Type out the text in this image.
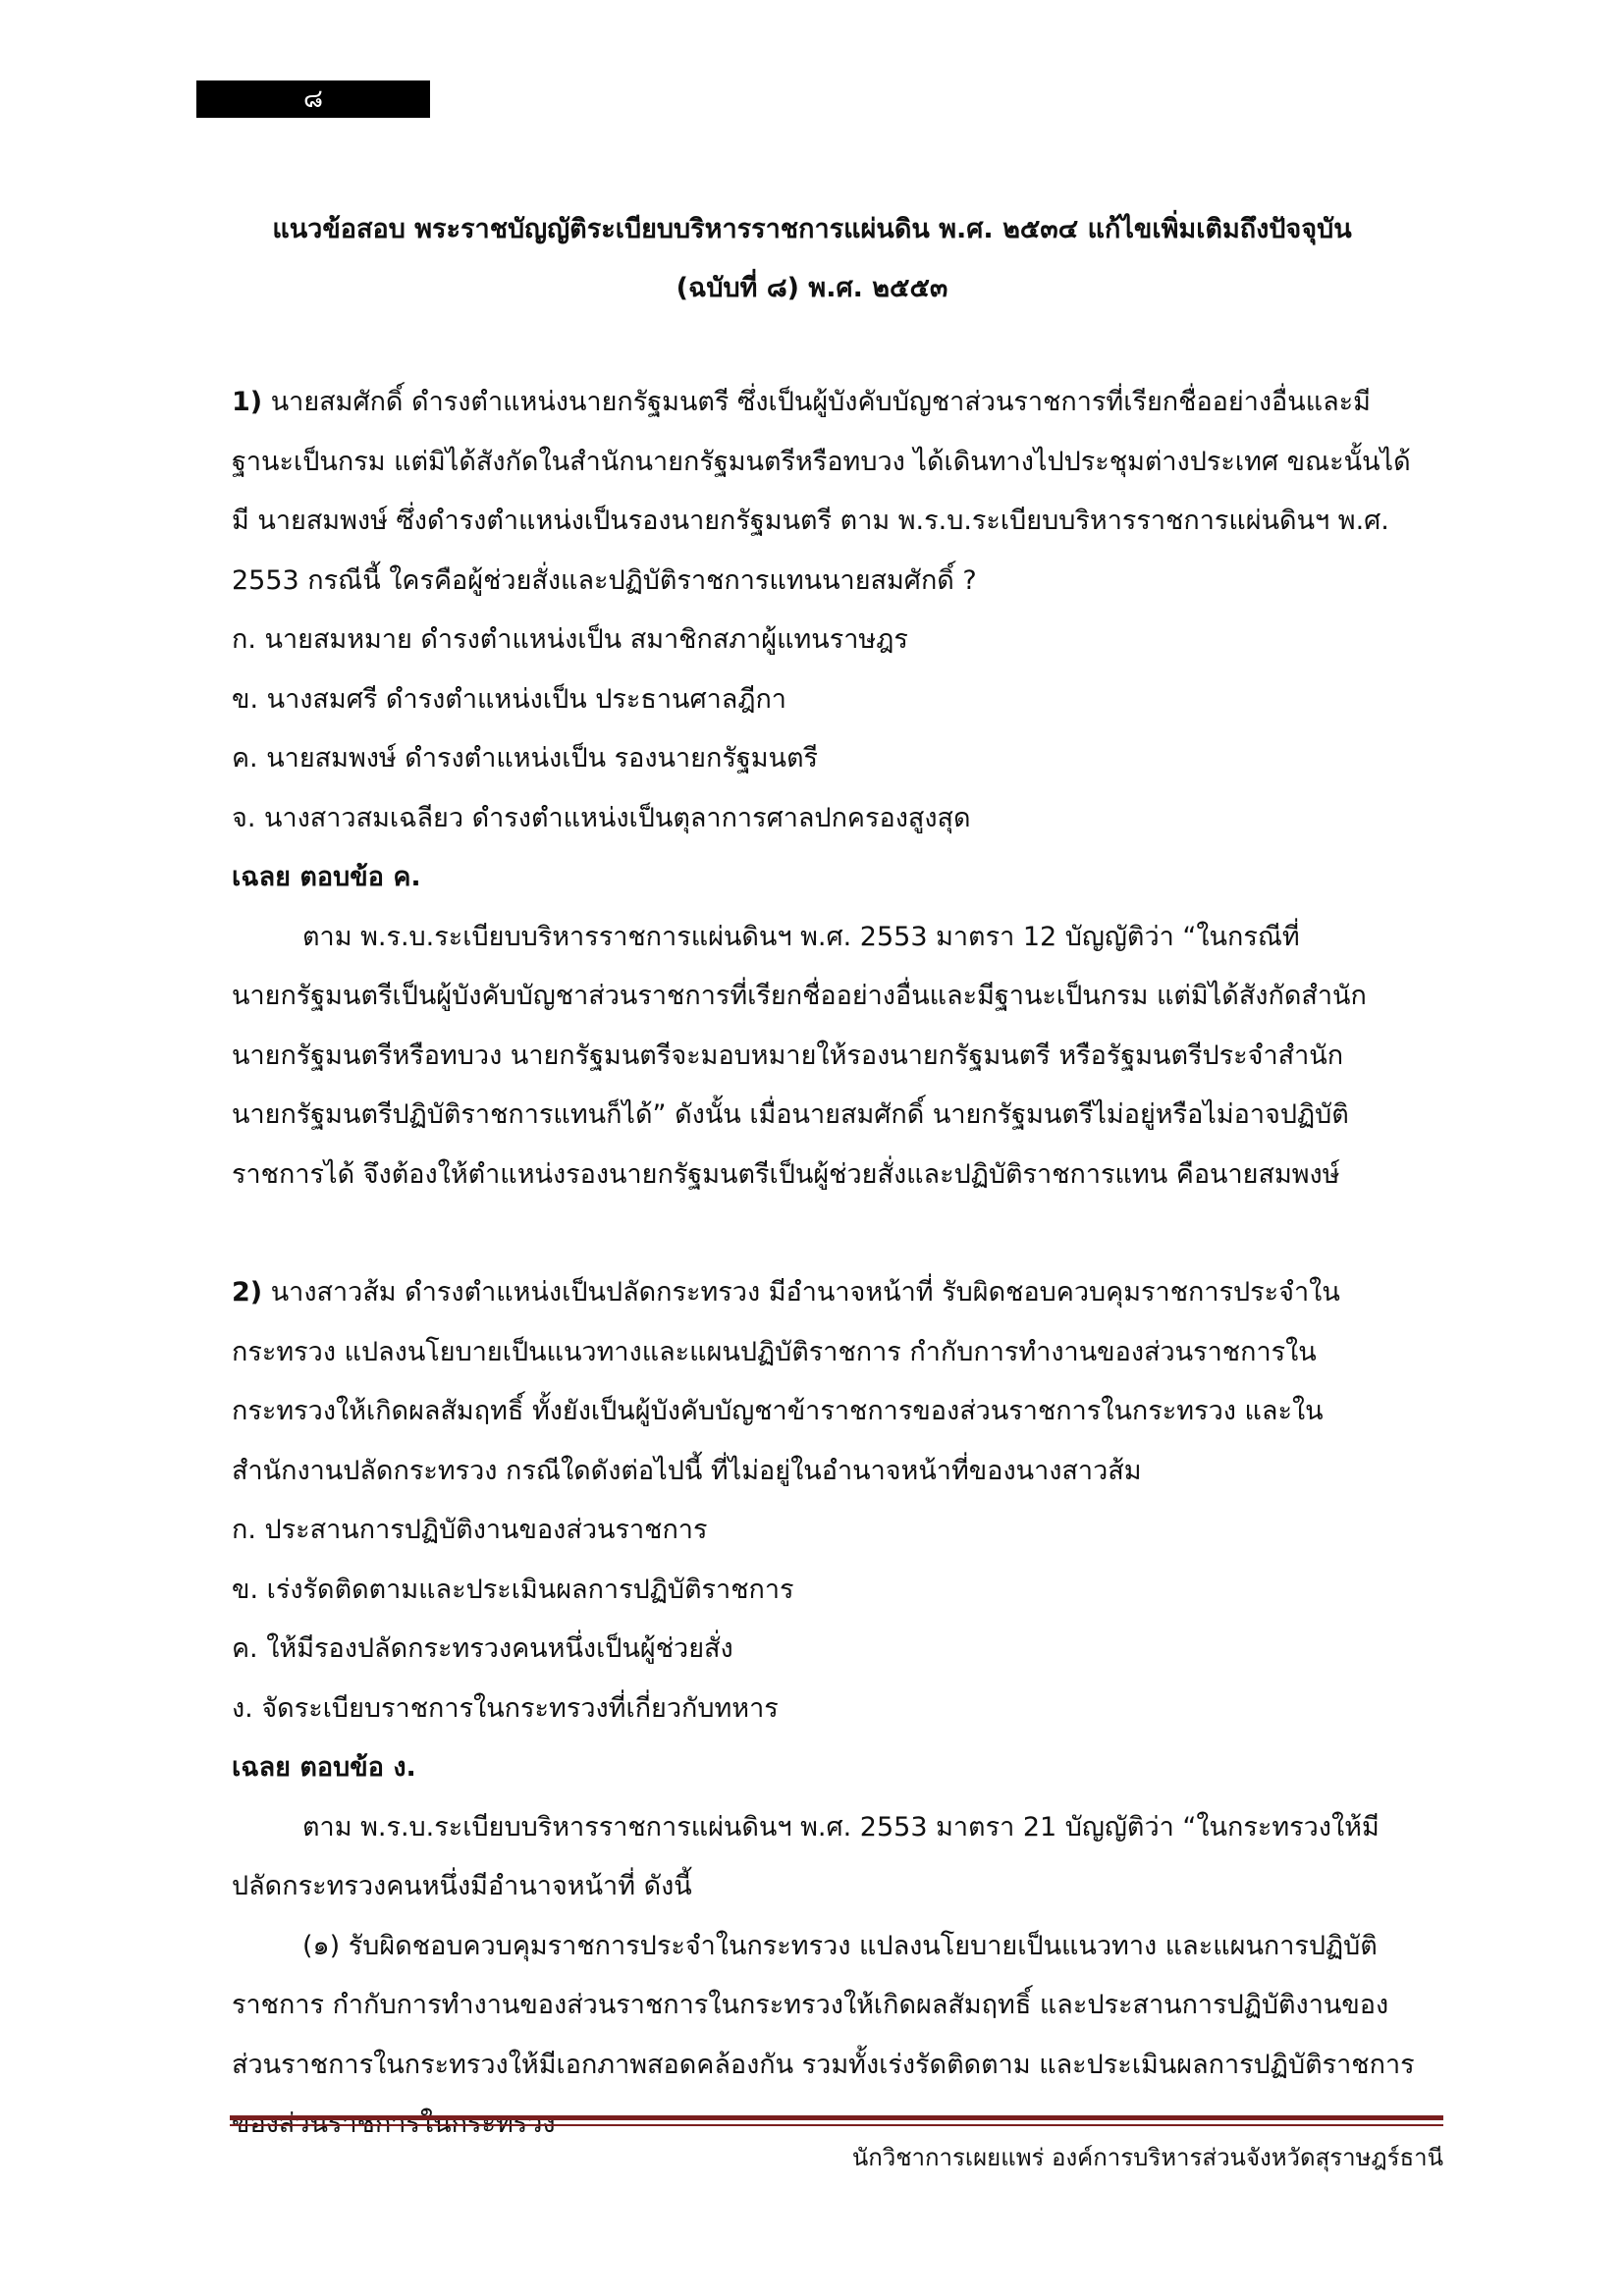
๘
แนวข้อสอบ พระราชบัญญัติระเบียบบริหารราชการแผ่นดิน พ.ศ. ๒๕๓๔ แก้ไขเพิ่มเติมถึงปัจจุบัน
(ฉบับที่ ๘) พ.ศ. ๒๕๕๓

1) นายสมศักดิ์ ดำรงตำแหน่งนายกรัฐมนตรี ซึ่งเป็นผู้บังคับบัญชาส่วนราชการที่เรียกชื่ออย่างอื่นและมี

ฐานะเป็นกรม แต่มิได้สังกัดในสำนักนายกรัฐมนตรีหรือทบวง ได้เดินทางไปประชุมต่างประเทศ ขณะนั้นได้

มี นายสมพงษ์ ซึ่งดำรงตำแหน่งเป็นรองนายกรัฐมนตรี ตาม พ.ร.บ.ระเบียบบริหารราชการแผ่นดินฯ พ.ศ.

2553 กรณีนี้ ใครคือผู้ช่วยสั่งและปฏิบัติราชการแทนนายสมศักดิ์ ?

ก. นายสมหมาย ดำรงตำแหน่งเป็น สมาชิกสภาผู้แทนราษฎร

ข. นางสมศรี ดำรงตำแหน่งเป็น ประธานศาลฎีกา

ค. นายสมพงษ์ ดำรงตำแหน่งเป็น รองนายกรัฐมนตรี

จ. นางสาวสมเฉลียว ดำรงตำแหน่งเป็นตุลาการศาลปกครองสูงสุด

เฉลย ตอบข้อ ค.

ตาม พ.ร.บ.ระเบียบบริหารราชการแผ่นดินฯ พ.ศ. 2553 มาตรา 12 บัญญัติว่า “ในกรณีที่

นายกรัฐมนตรีเป็นผู้บังคับบัญชาส่วนราชการที่เรียกชื่ออย่างอื่นและมีฐานะเป็นกรม แต่มิได้สังกัดสำนัก

นายกรัฐมนตรีหรือทบวง นายกรัฐมนตรีจะมอบหมายให้รองนายกรัฐมนตรี หรือรัฐมนตรีประจำสำนัก

นายกรัฐมนตรีปฏิบัติราชการแทนก็ได้” ดังนั้น เมื่อนายสมศักดิ์ นายกรัฐมนตรีไม่อยู่หรือไม่อาจปฏิบัติ

ราชการได้ จึงต้องให้ตำแหน่งรองนายกรัฐมนตรีเป็นผู้ช่วยสั่งและปฏิบัติราชการแทน คือนายสมพงษ์

2) นางสาวส้ม ดำรงตำแหน่งเป็นปลัดกระทรวง มีอำนาจหน้าที่ รับผิดชอบควบคุมราชการประจำใน

กระทรวง แปลงนโยบายเป็นแนวทางและแผนปฏิบัติราชการ กำกับการทำงานของส่วนราชการใน

กระทรวงให้เกิดผลสัมฤทธิ์ ทั้งยังเป็นผู้บังคับบัญชาข้าราชการของส่วนราชการในกระทรวง และใน

สำนักงานปลัดกระทรวง กรณีใดดังต่อไปนี้ ที่ไม่อยู่ในอำนาจหน้าที่ของนางสาวส้ม

ก. ประสานการปฏิบัติงานของส่วนราชการ

ข. เร่งรัดติดตามและประเมินผลการปฏิบัติราชการ

ค. ให้มีรองปลัดกระทรวงคนหนึ่งเป็นผู้ช่วยสั่ง

ง. จัดระเบียบราชการในกระทรวงที่เกี่ยวกับทหาร

เฉลย ตอบข้อ ง.

ตาม พ.ร.บ.ระเบียบบริหารราชการแผ่นดินฯ พ.ศ. 2553 มาตรา 21 บัญญัติว่า “ในกระทรวงให้มี

ปลัดกระทรวงคนหนึ่งมีอำนาจหน้าที่ ดังนี้

(๑) รับผิดชอบควบคุมราชการประจำในกระทรวง แปลงนโยบายเป็นแนวทาง และแผนการปฏิบัติ

ราชการ กำกับการทำงานของส่วนราชการในกระทรวงให้เกิดผลสัมฤทธิ์ และประสานการปฏิบัติงานของ

ส่วนราชการในกระทรวงให้มีเอกภาพสอดคล้องกัน รวมทั้งเร่งรัดติดตาม และประเมินผลการปฏิบัติราชการ

นักวิชาการเผยแพร่ องค์การบริหารส่วนจังหวัดสุราษฎร์ธานี
